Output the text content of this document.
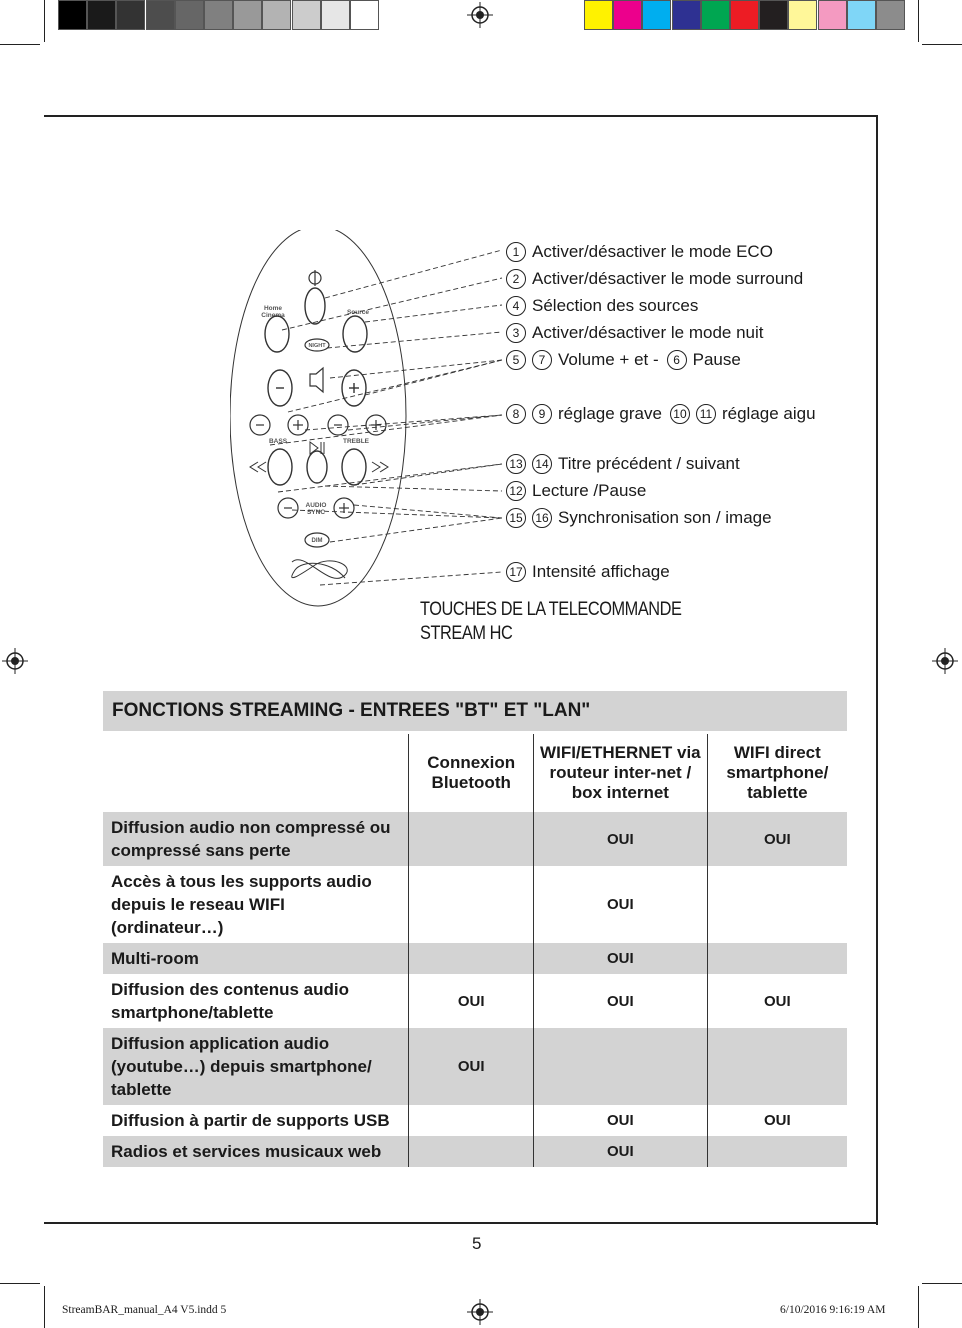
Home
Cinema	Source
NIGHT
BASS	TREBLE
AUDIO
SYNC
DIM
1 Activer/désactiver le mode ECO
2 Activer/désactiver le mode surround
4 Sélection des sources
3 Activer/désactiver le mode nuit
5	7 Volume + et -	6 Pause
8	9 réglage grave 10	11 réglage aigu
13 14 Titre précédent / suivant
12 Lecture /Pause
15 16 Synchronisation son / image
17 Intensité affichage
TOUCHES DE LA TELECOMMANDE
STREAM HC
FONCTIONS STREAMING - ENTREES "BT" ET "LAN"
	Connexion Bluetooth	WIFI/ETHERNET via routeur inter-net / box internet	WIFI direct smartphone/ tablette
Diffusion audio non compressé ou compressé sans perte		OUI	OUI
Accès à tous les supports audio depuis le reseau WIFI (ordinateur…)		OUI	
Multi-room		OUI	
Diffusion des contenus audio smartphone/tablette	OUI	OUI	OUI
Diffusion application audio (youtube…) depuis smartphone/ tablette	OUI		
Diffusion à partir de supports USB		OUI	OUI
Radios et services musicaux web		OUI	
5
StreamBAR_manual_A4 V5.indd 5	6/10/2016 9:16:19 AM
